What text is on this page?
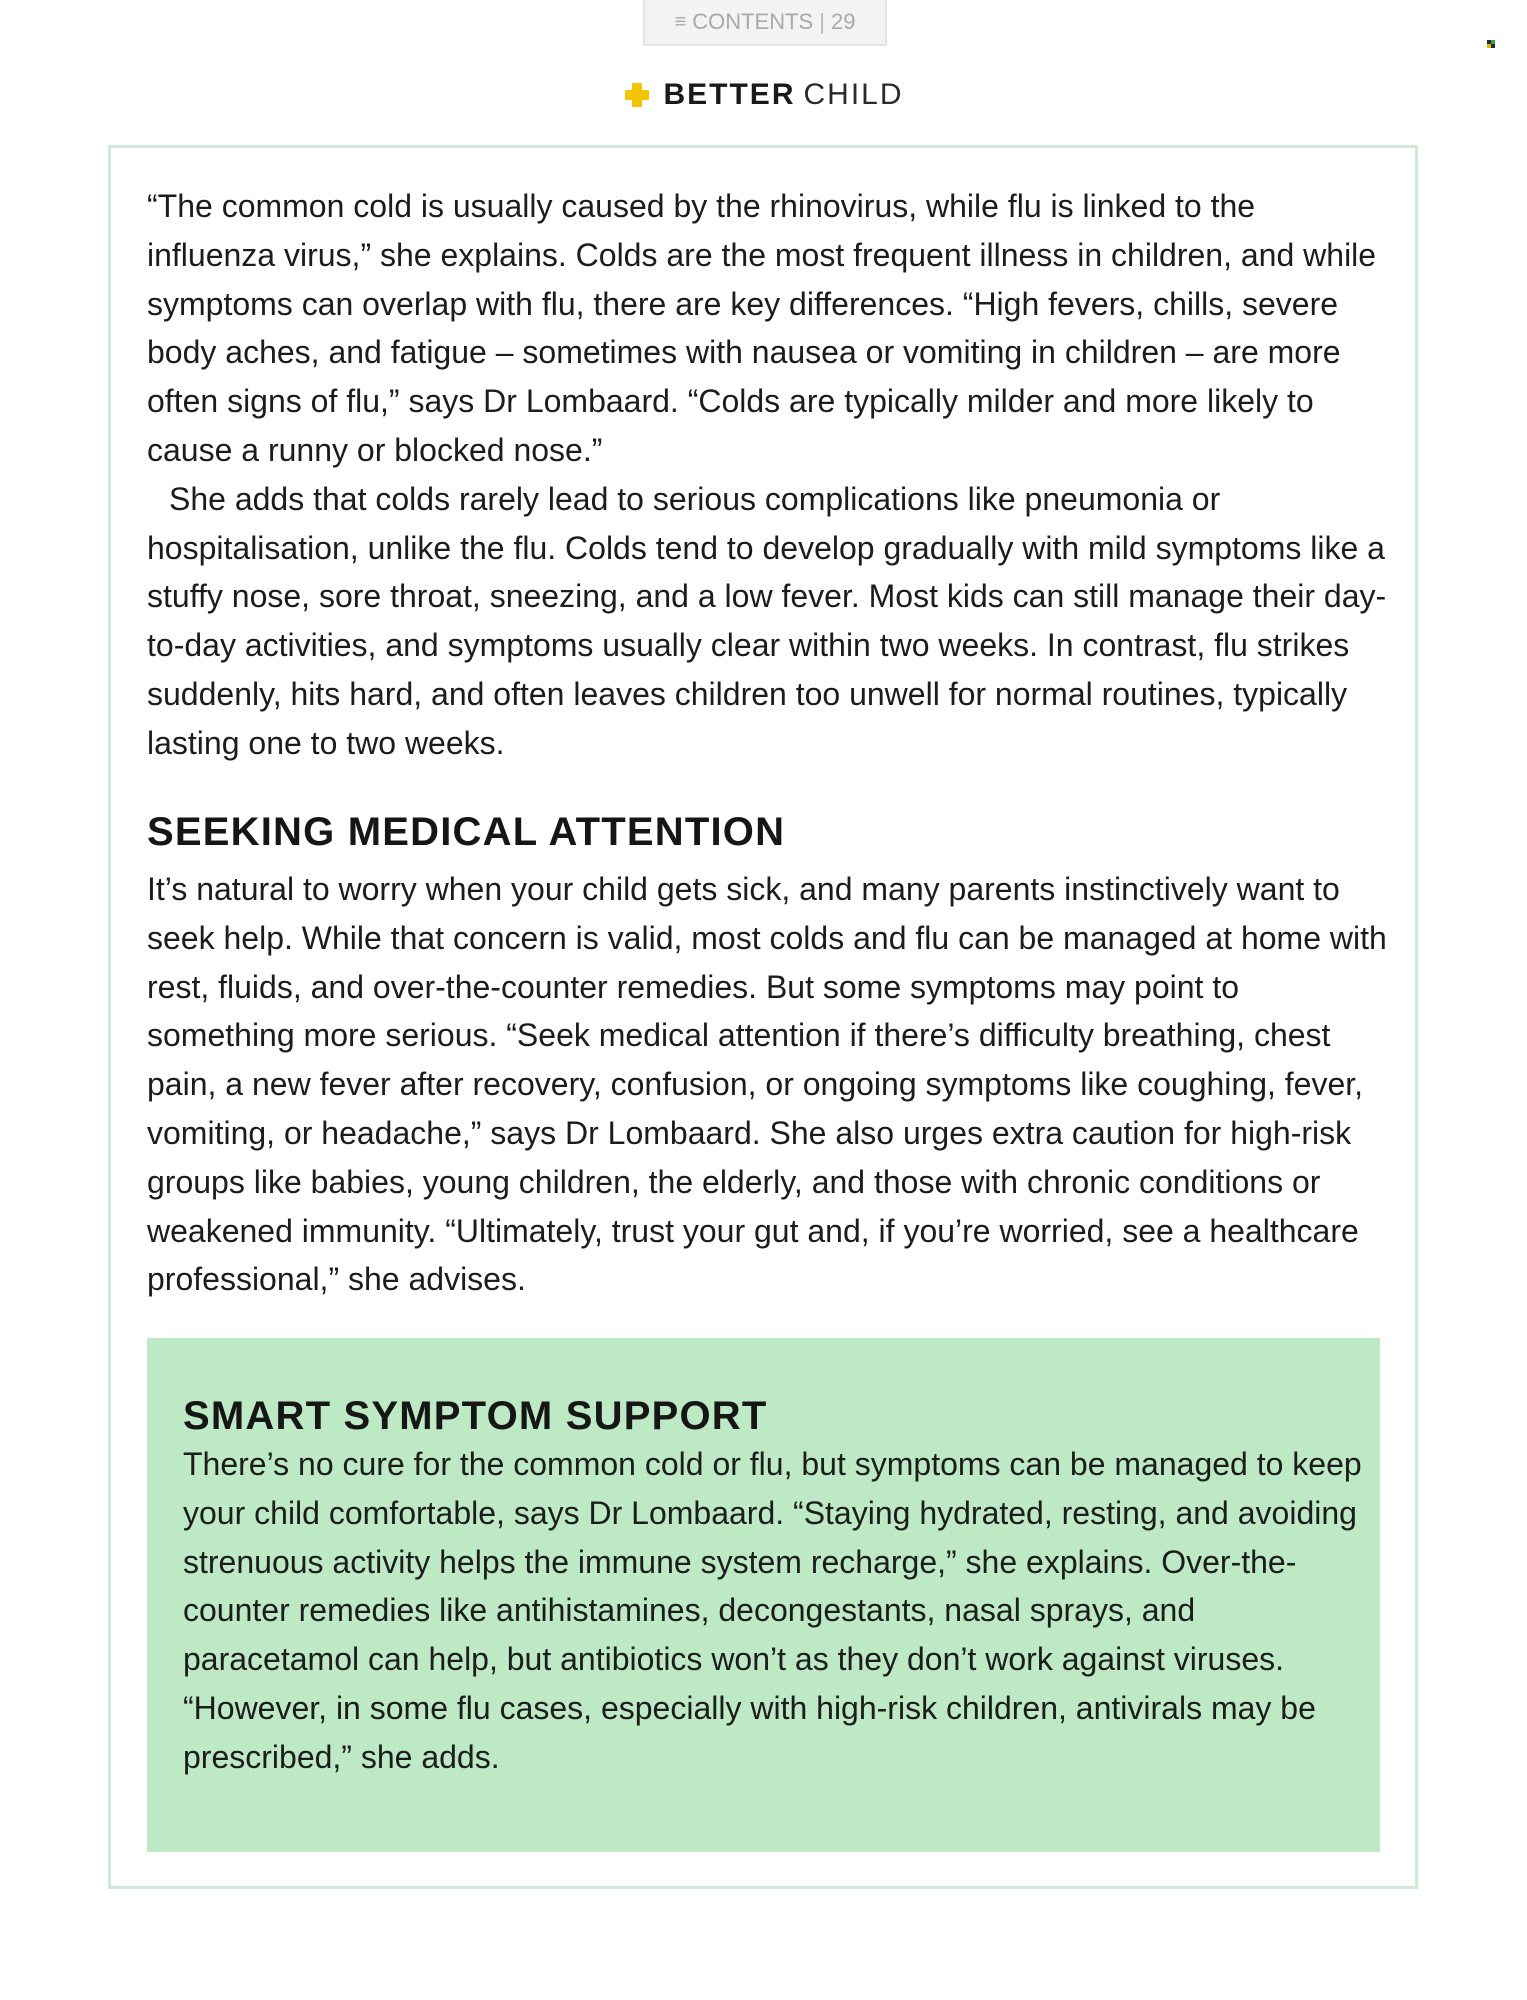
≡ CONTENTS | 29
BETTER CHILD

“The common cold is usually caused by the rhinovirus, while flu is linked to the influenza virus,” she explains. Colds are the most frequent illness in children, and while symptoms can overlap with flu, there are key differences. “High fevers, chills, severe body aches, and fatigue – sometimes with nausea or vomiting in children – are more often signs of flu,” says Dr Lombaard. “Colds are typically milder and more likely to cause a runny or blocked nose.”

She adds that colds rarely lead to serious complications like pneumonia or hospitalisation, unlike the flu. Colds tend to develop gradually with mild symptoms like a stuffy nose, sore throat, sneezing, and a low fever. Most kids can still manage their day-to-day activities, and symptoms usually clear within two weeks. In contrast, flu strikes suddenly, hits hard, and often leaves children too unwell for normal routines, typically lasting one to two weeks.

SEEKING MEDICAL ATTENTION

It’s natural to worry when your child gets sick, and many parents instinctively want to seek help. While that concern is valid, most colds and flu can be managed at home with rest, fluids, and over-the-counter remedies. But some symptoms may point to something more serious. “Seek medical attention if there’s difficulty breathing, chest pain, a new fever after recovery, confusion, or ongoing symptoms like coughing, fever, vomiting, or headache,” says Dr Lombaard. She also urges extra caution for high-risk groups like babies, young children, the elderly, and those with chronic conditions or weakened immunity. “Ultimately, trust your gut and, if you’re worried, see a healthcare professional,” she advises.

SMART SYMPTOM SUPPORT

There’s no cure for the common cold or flu, but symptoms can be managed to keep your child comfortable, says Dr Lombaard. “Staying hydrated, resting, and avoiding strenuous activity helps the immune system recharge,” she explains. Over-the-counter remedies like antihistamines, decongestants, nasal sprays, and paracetamol can help, but antibiotics won’t as they don’t work against viruses. “However, in some flu cases, especially with high-risk children, antivirals may be prescribed,” she adds.
